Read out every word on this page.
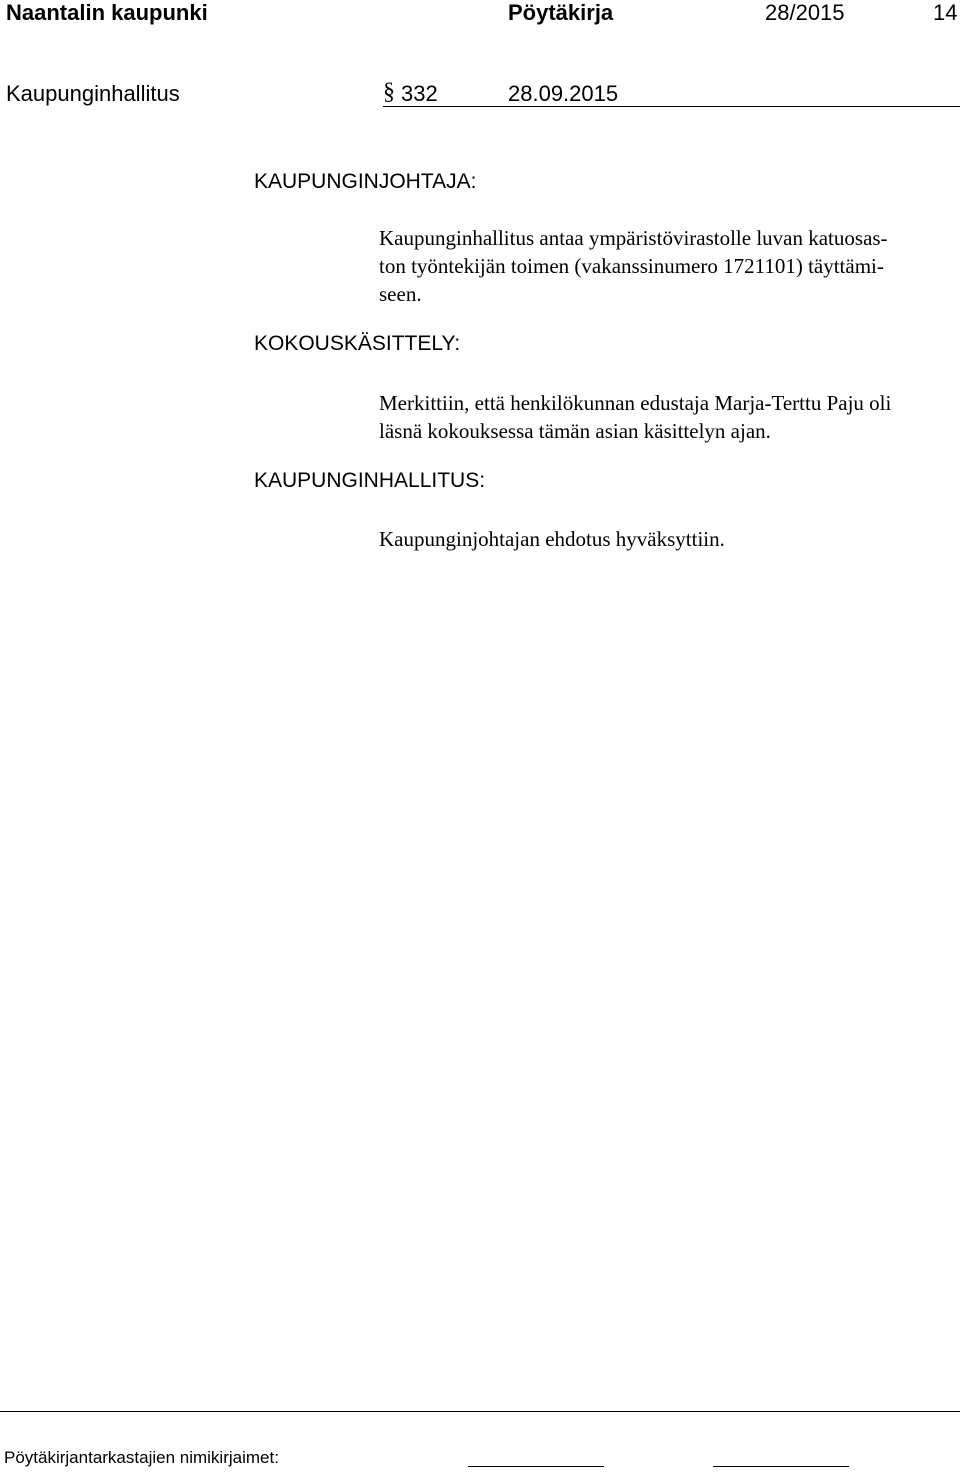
Naantalin kaupunki	Pöytäkirja	28/2015	14
Kaupunginhallitus	§ 332	28.09.2015
KAUPUNGINJOHTAJA:
Kaupunginhallitus antaa ympäristövirastolle luvan katuosas-
ton työntekijän toimen (vakanssinumero 1721101) täyttämi-
seen.
KOKOUSKÄSITTELY:
Merkittiin, että henkilökunnan edustaja Marja-Terttu Paju oli
läsnä kokouksessa tämän asian käsittelyn ajan.
KAUPUNGINHALLITUS:
Kaupunginjohtajan ehdotus hyväksyttiin.
Pöytäkirjantarkastajien nimikirjaimet:
